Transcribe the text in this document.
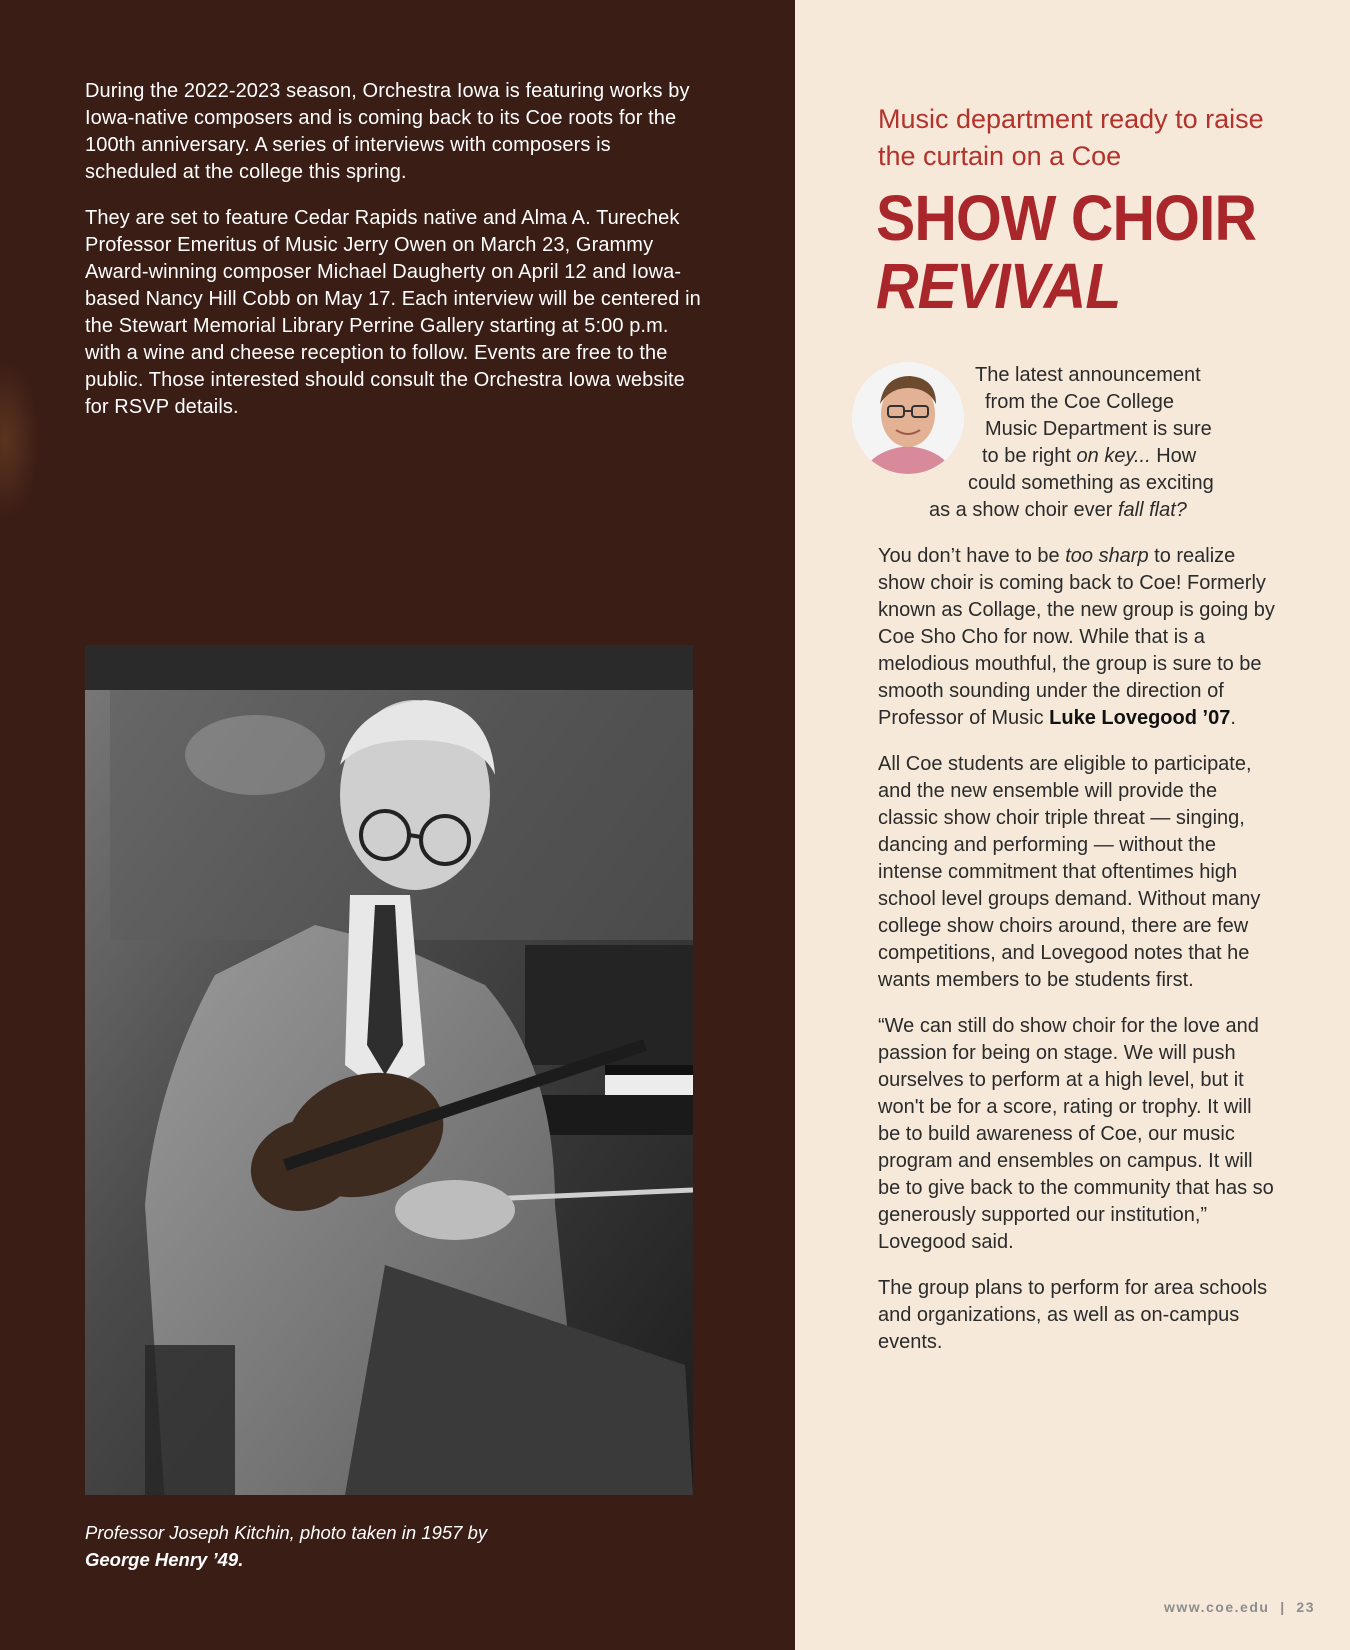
During the 2022-2023 season, Orchestra Iowa is featuring works by Iowa-native composers and is coming back to its Coe roots for the 100th anniversary. A series of interviews with composers is scheduled at the college this spring.

They are set to feature Cedar Rapids native and Alma A. Turechek Professor Emeritus of Music Jerry Owen on March 23, Grammy Award-winning composer Michael Daugherty on April 12 and Iowa-based Nancy Hill Cobb on May 17. Each interview will be centered in the Stewart Memorial Library Perrine Gallery starting at 5:00 p.m. with a wine and cheese reception to follow. Events are free to the public. Those interested should consult the Orchestra Iowa website for RSVP details.

Professor Joseph Kitchin, photo taken in 1957 by
George Henry ’49.
Music department ready to raise the curtain on a Coe
SHOW CHOIR
REVIVAL
The latest announcement
from the Coe College
Music Department is sure
to be right on key... How
could something as exciting
as a show choir ever fall flat?

You don’t have to be too sharp to realize show choir is coming back to Coe! Formerly known as Collage, the new group is going by Coe Sho Cho for now. While that is a melodious mouthful, the group is sure to be smooth sounding under the direction of Professor of Music Luke Lovegood ’07.

All Coe students are eligible to participate, and the new ensemble will provide the classic show choir triple threat — singing, dancing and performing — without the intense commitment that oftentimes high school level groups demand. Without many college show choirs around, there are few competitions, and Lovegood notes that he wants members to be students first.

“We can still do show choir for the love and passion for being on stage. We will push ourselves to perform at a high level, but it won't be for a score, rating or trophy. It will be to build awareness of Coe, our music program and ensembles on campus. It will be to give back to the community that has so generously supported our institution,” Lovegood said.

The group plans to perform for area schools and organizations, as well as on-campus events.

www.coe.edu | 23
